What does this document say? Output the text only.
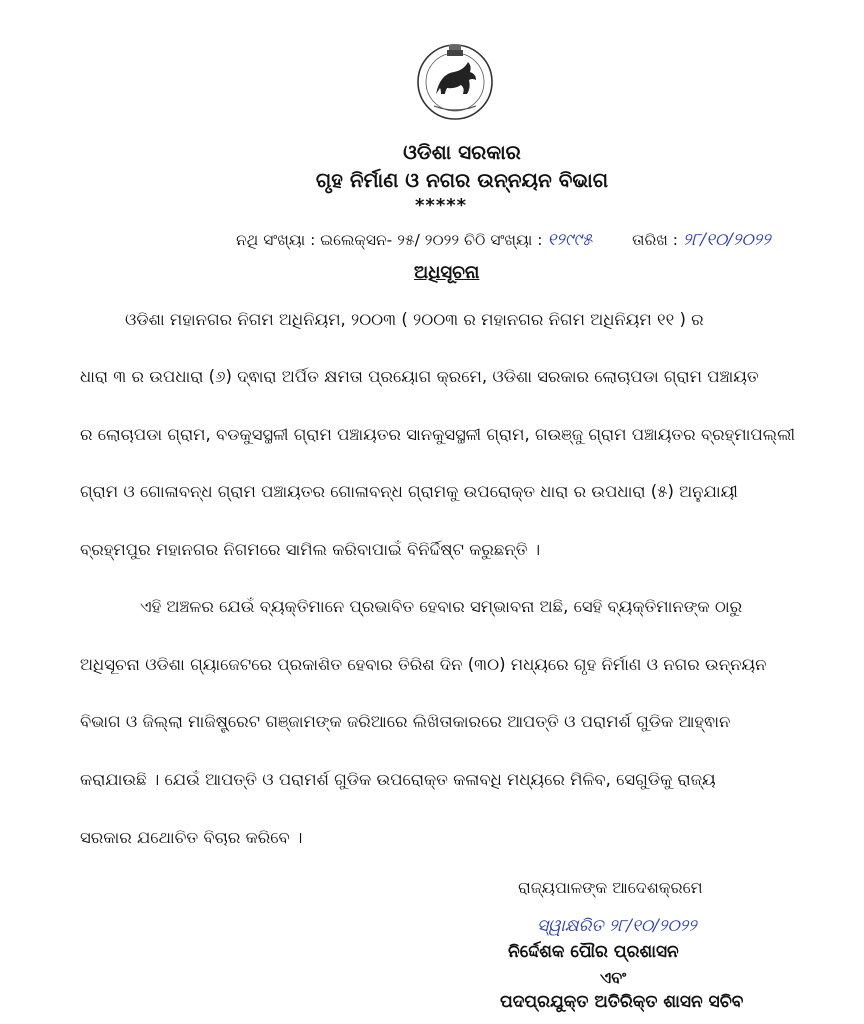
ଓଡିଶା ସରକାର
ଗୃହ ନିର୍ମାଣ ଓ ନଗର ଉନ୍ନୟନ ବିଭାଗ
*****
ନଥି ସଂଖ୍ୟା : ଇଲେକ୍ସନ- ୨୫/ ୨୦୨୨ ଚିଠି ସଂଖ୍ୟା : ୧୨୯୯୫	ତାରିଖ : ୨୮/୧୦/୨୦୨୨
ଅଧିସୂଚନା
ଓଡିଶା ମହାନଗର ନିଗମ ଅଧିନିୟମ, ୨୦୦୩ ( ୨୦୦୩ ର ମହାନଗର ନିଗମ ଅଧିନିୟମ ୧୧ ) ର
ଧାରା ୩ ର ଉପଧାରା (୬) ଦ୍ଵାରା ଅର୍ପିତ କ୍ଷମତା ପ୍ରୟୋଗ କ୍ରମେ, ଓଡିଶା ସରକାର ଲୋଚାପଡା ଗ୍ରାମ ପଞ୍ଚାୟତ
ର ଲୋଚାପଡା ଗ୍ରାମ, ବଡକୁସସ୍ଥଳୀ ଗ୍ରାମ ପଞ୍ଚାୟତର ସାନକୁସସ୍ଥଳୀ ଗ୍ରାମ, ଗଉଞ୍ଜୁ ଗ୍ରାମ ପଞ୍ଚାୟତର ବ୍ରହ୍ମାପଲ୍ଲୀ
ଗ୍ରାମ ଓ ଗୋଳାବନ୍ଧ ଗ୍ରାମ ପଞ୍ଚାୟତର ଗୋଳାବନ୍ଧ ଗ୍ରାମକୁ ଉପରୋକ୍ତ ଧାରା ର ଉପଧାରା (୫) ଅନୁଯାୟୀ
ବ୍ରହ୍ମପୁର ମହାନଗର ନିଗମରେ ସାମିଲ କରିବାପାଇଁ ବିନିର୍ଦ୍ଦିଷ୍ଟ କରୁଛନ୍ତି ।
ଏହି ଅଞ୍ଚଳର ଯେଉଁ ବ୍ୟକ୍ତିମାନେ ପ୍ରଭାବିତ ହେବାର ସମ୍ଭାବନା ଅଛି, ସେହି ବ୍ୟକ୍ତିମାନଙ୍କ ଠାରୁ
ଅଧିସୂଚନା ଓଡିଶା ଗ୍ୟାଜେଟରେ ପ୍ରକାଶିତ ହେବାର ତିରିଶ ଦିନ (୩୦) ମଧ୍ୟରେ ଗୃହ ନିର୍ମାଣ ଓ ନଗର ଉନ୍ନୟନ
ବିଭାଗ ଓ ଜିଲ୍ଲା ମାଜିଷ୍ଟ୍ରେଟ ଗଞ୍ଜାମଙ୍କ ଜରିଆରେ ଲିଖିତାକାରରେ ଆପତ୍ତି ଓ ପରାମର୍ଶ ଗୁଡିକ ଆହ୍ଵାନ
କରାଯାଉଛି । ଯେଉଁ ଆପତ୍ତି ଓ ପରାମର୍ଶ ଗୁଡିକ ଉପରୋକ୍ତ କଳାବଧି ମଧ୍ୟରେ ମିଳିବ, ସେଗୁଡିକୁ ରାଜ୍ୟ
ସରକାର ଯଥୋଚିତ ବିଚାର କରିବେ ।
ରାଜ୍ୟପାଳଙ୍କ ଆଦେଶକ୍ରମେ
ସ୍ୱାକ୍ଷରିତ ୨୮/୧୦/୨୦୨୨
ନିର୍ଦ୍ଦେଶକ ପୌର ପ୍ରଶାସନ
ଏବଂ
ପଦପ୍ରଯୁକ୍ତ ଅତିରିକ୍ତ ଶାସନ ସଚିବ
